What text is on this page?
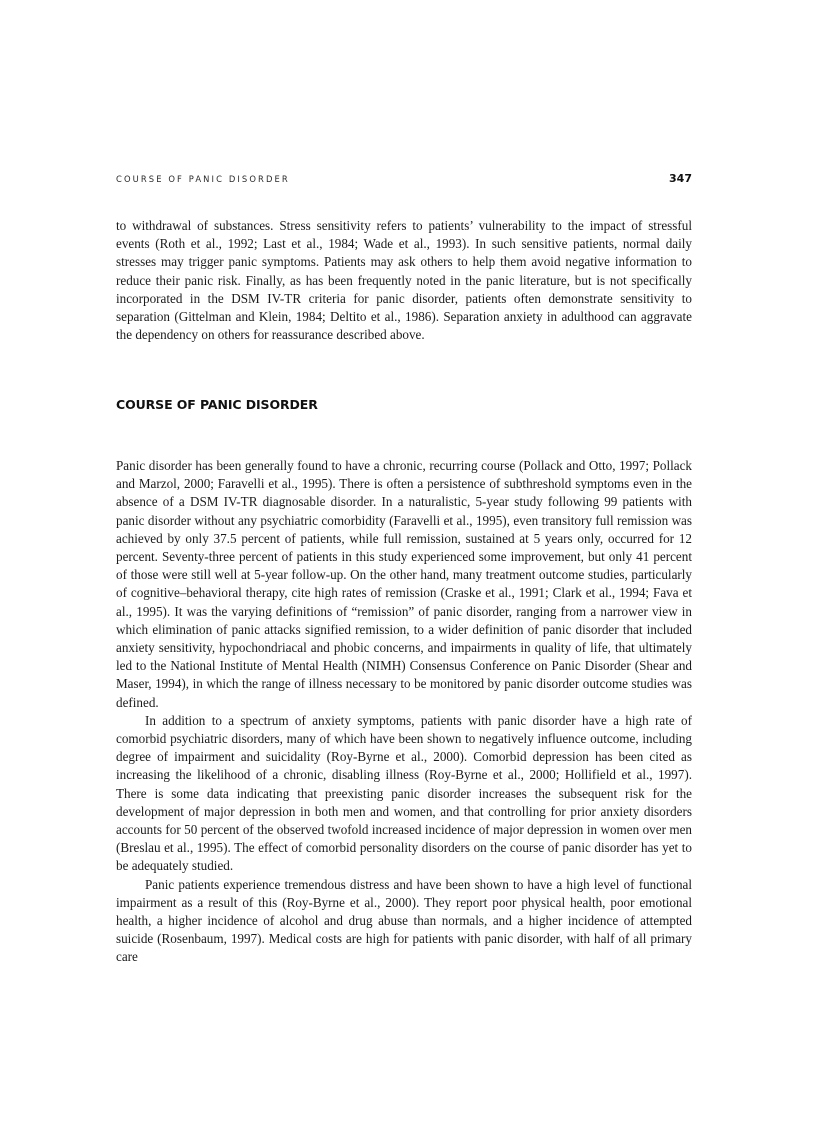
COURSE OF PANIC DISORDER	347

to withdrawal of substances. Stress sensitivity refers to patients’ vulnerability to the impact of stressful events (Roth et al., 1992; Last et al., 1984; Wade et al., 1993). In such sensitive patients, normal daily stresses may trigger panic symptoms. Patients may ask others to help them avoid negative information to reduce their panic risk. Finally, as has been frequently noted in the panic literature, but is not specifically incorporated in the DSM IV-TR criteria for panic disorder, patients often demonstrate sensitivity to separation (Gittelman and Klein, 1984; Deltito et al., 1986). Separation anxiety in adulthood can aggravate the dependency on others for reassurance described above.

COURSE OF PANIC DISORDER

Panic disorder has been generally found to have a chronic, recurring course (Pollack and Otto, 1997; Pollack and Marzol, 2000; Faravelli et al., 1995). There is often a persistence of subthreshold symptoms even in the absence of a DSM IV-TR diagnosable disorder. In a naturalistic, 5-year study following 99 patients with panic disorder without any psychiatric comorbidity (Faravelli et al., 1995), even transitory full remission was achieved by only 37.5 percent of patients, while full remission, sustained at 5 years only, occurred for 12 percent. Seventy-three percent of patients in this study experienced some improvement, but only 41 percent of those were still well at 5-year follow-up. On the other hand, many treatment outcome studies, particularly of cognitive–behavioral therapy, cite high rates of remission (Craske et al., 1991; Clark et al., 1994; Fava et al., 1995). It was the varying definitions of “remission” of panic disorder, ranging from a narrower view in which elimination of panic attacks signified remission, to a wider definition of panic disorder that included anxiety sensitivity, hypochondriacal and phobic concerns, and impairments in quality of life, that ultimately led to the National Institute of Mental Health (NIMH) Consensus Conference on Panic Disorder (Shear and Maser, 1994), in which the range of illness necessary to be monitored by panic disorder outcome studies was defined.

In addition to a spectrum of anxiety symptoms, patients with panic disorder have a high rate of comorbid psychiatric disorders, many of which have been shown to negatively influence outcome, including degree of impairment and suicidality (Roy-Byrne et al., 2000). Comorbid depression has been cited as increasing the likelihood of a chronic, disabling illness (Roy-Byrne et al., 2000; Hollifield et al., 1997). There is some data indicating that preexisting panic disorder increases the subsequent risk for the development of major depression in both men and women, and that controlling for prior anxiety disorders accounts for 50 percent of the observed twofold increased incidence of major depression in women over men (Breslau et al., 1995). The effect of comorbid personality disorders on the course of panic disorder has yet to be adequately studied.

Panic patients experience tremendous distress and have been shown to have a high level of functional impairment as a result of this (Roy-Byrne et al., 2000). They report poor physical health, poor emotional health, a higher incidence of alcohol and drug abuse than normals, and a higher incidence of attempted suicide (Rosenbaum, 1997). Medical costs are high for patients with panic disorder, with half of all primary care
